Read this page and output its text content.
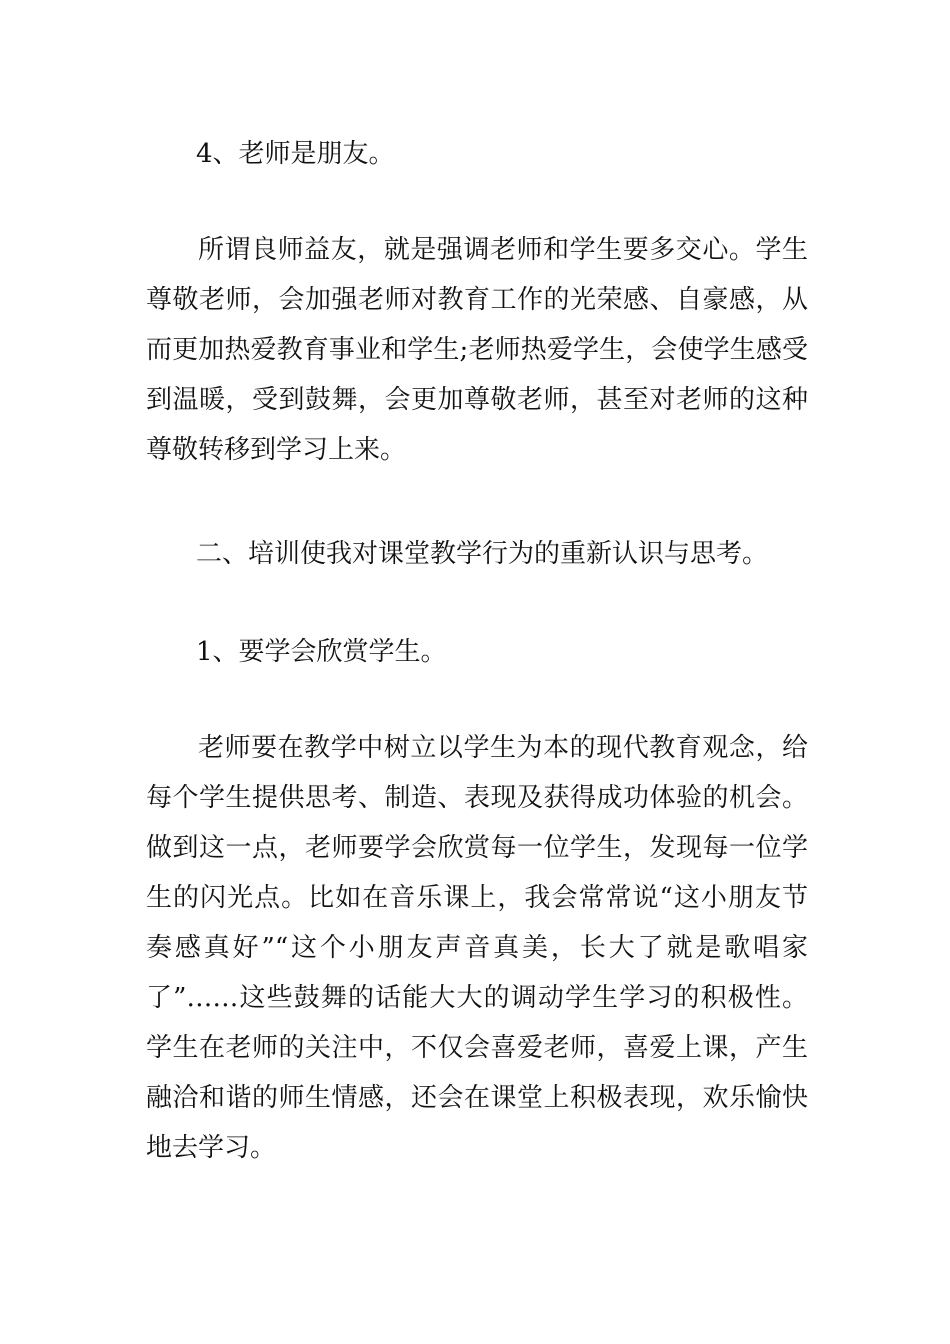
4、老师是朋友。

所谓良师益友，就是强调老师和学生要多交心。学生尊敬老师，会加强老师对教育工作的光荣感、自豪感，从而更加热爱教育事业和学生;老师热爱学生，会使学生感受到温暖，受到鼓舞，会更加尊敬老师，甚至对老师的这种尊敬转移到学习上来。

二、培训使我对课堂教学行为的重新认识与思考。

1、要学会欣赏学生。

老师要在教学中树立以学生为本的现代教育观念，给每个学生提供思考、制造、表现及获得成功体验的机会。做到这一点，老师要学会欣赏每一位学生，发现每一位学生的闪光点。比如在音乐课上，我会常常说“这小朋友节奏感真好”“这个小朋友声音真美，长大了就是歌唱家了”……这些鼓舞的话能大大的调动学生学习的积极性。学生在老师的关注中，不仅会喜爱老师，喜爱上课，产生融洽和谐的师生情感，还会在课堂上积极表现，欢乐愉快地去学习。
